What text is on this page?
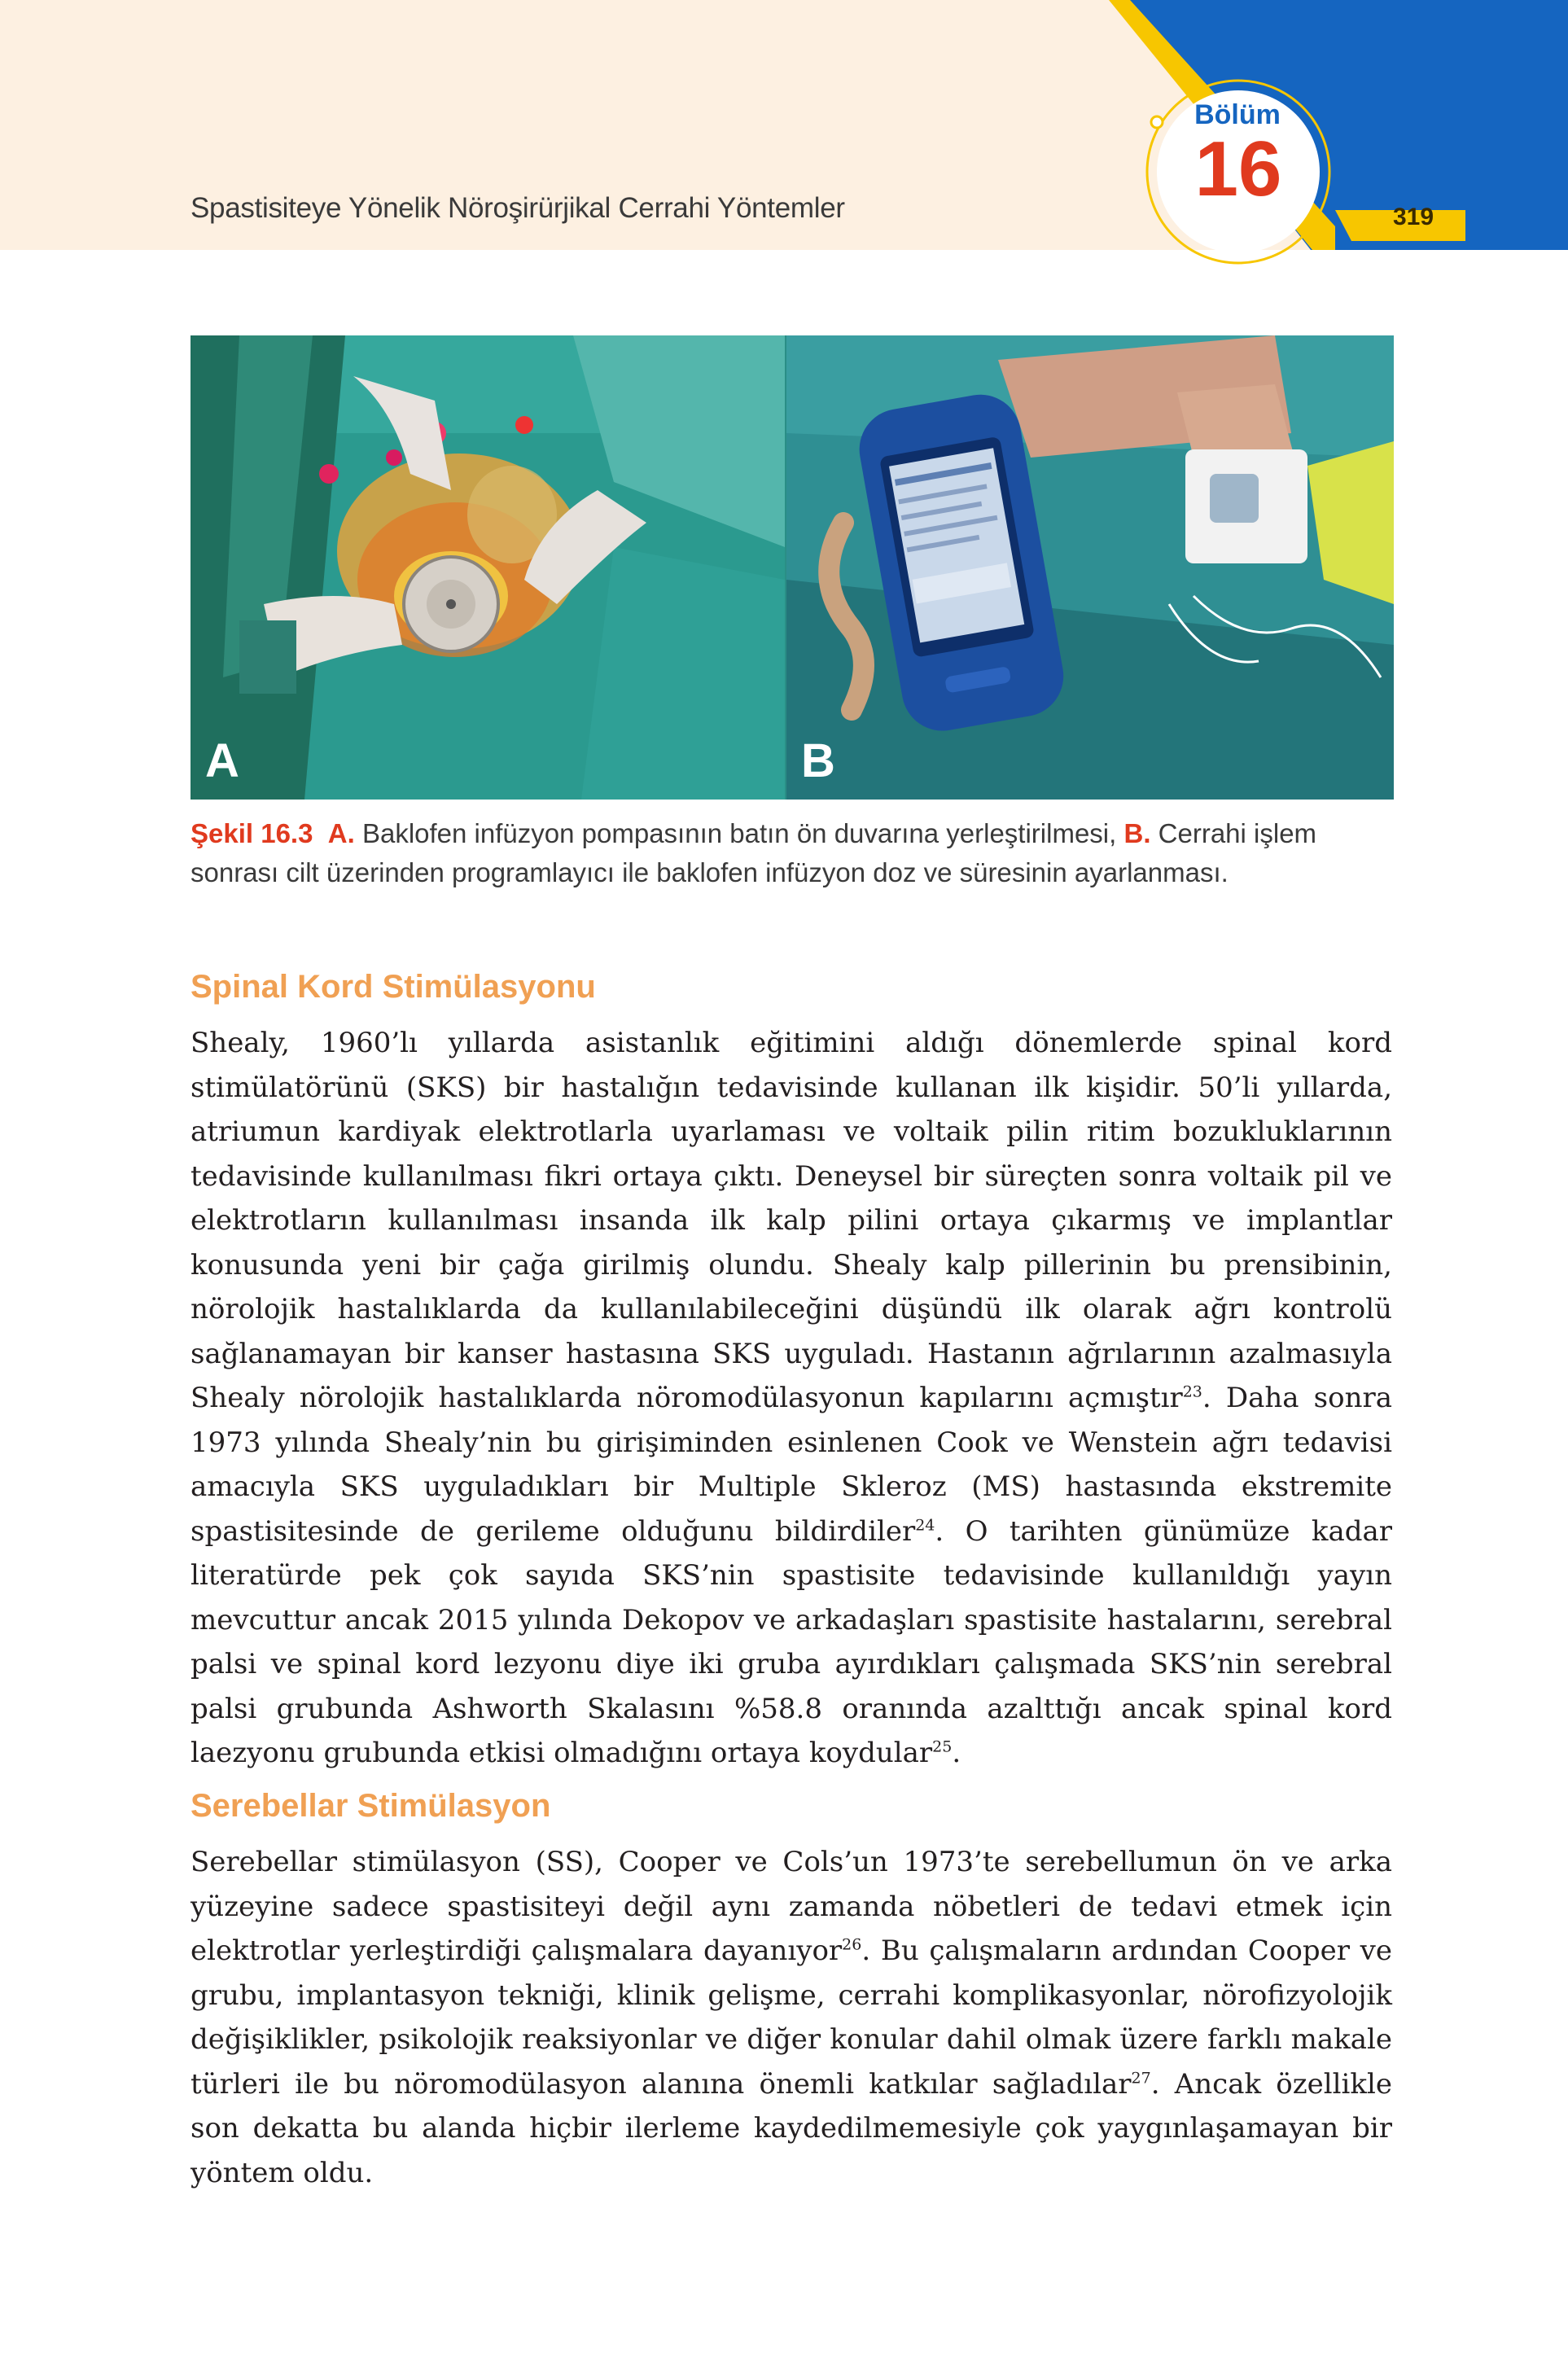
Spastisiteye Yönelik Nöroşirürjikal Cerrahi Yöntemler
Bölüm
16
319
A	B
Şekil 16.3 A. Baklofen infüzyon pompasının batın ön duvarına yerleştirilmesi, B. Cerrahi işlem sonrası cilt üzerinden programlayıcı ile baklofen infüzyon doz ve süresinin ayarlanması.
Spinal Kord Stimülasyonu

Shealy, 1960’lı yıllarda asistanlık eğitimini aldığı dönemlerde spinal kord stimülatörünü (SKS) bir hastalığın tedavisinde kullanan ilk kişidir. 50’li yıllarda, atriumun kardiyak elektrotlarla uyarlaması ve voltaik pilin ritim bozukluklarının tedavisinde kullanılması fikri ortaya çıktı. Deneysel bir süreçten sonra voltaik pil ve elektrotların kullanılması insanda ilk kalp pilini ortaya çıkarmış ve implantlar konusunda yeni bir çağa girilmiş olundu. Shealy kalp pillerinin bu prensibinin, nörolojik hastalıklarda da kullanılabileceğini düşündü ilk olarak ağrı kontrolü sağlanamayan bir kanser hastasına SKS uyguladı. Hastanın ağrılarının azalmasıyla Shealy nörolojik hastalıklarda nöromodülasyonun kapılarını açmıştır$^{23}$. Daha sonra 1973 yılında Shealy’nin bu girişiminden esinlenen Cook ve Wenstein ağrı tedavisi amacıyla SKS uyguladıkları bir Multiple Skleroz (MS) hastasında ekstremite spastisitesinde de gerileme olduğunu bildirdiler$^{24}$. O tarihten günümüze kadar literatürde pek çok sayıda SKS’nin spastisite tedavisinde kullanıldığı yayın mevcuttur ancak 2015 yılında Dekopov ve arkadaşları spastisite hastalarını, serebral palsi ve spinal kord lezyonu diye iki gruba ayırdıkları çalışmada SKS’nin serebral palsi grubunda Ashworth Skalasını %58.8 oranında azalttığı ancak spinal kord laezyonu grubunda etkisi olmadığını ortaya koydular$^{25}$.

Serebellar Stimülasyon

Serebellar stimülasyon (SS), Cooper ve Cols’un 1973’te serebellumun ön ve arka yüzeyine sadece spastisiteyi değil aynı zamanda nöbetleri de tedavi etmek için elektrotlar yerleştirdiği çalışmalara dayanıyor$^{26}$. Bu çalışmaların ardından Cooper ve grubu, implantasyon tekniği, klinik gelişme, cerrahi komplikasyonlar, nörofizyolojik değişiklikler, psikolojik reaksiyonlar ve diğer konular dahil olmak üzere farklı makale türleri ile bu nöromodülasyon alanına önemli katkılar sağladılar$^{27}$. Ancak özellikle son dekatta bu alanda hiçbir ilerleme kaydedilmemesiyle çok yaygınlaşamayan bir yöntem oldu.
